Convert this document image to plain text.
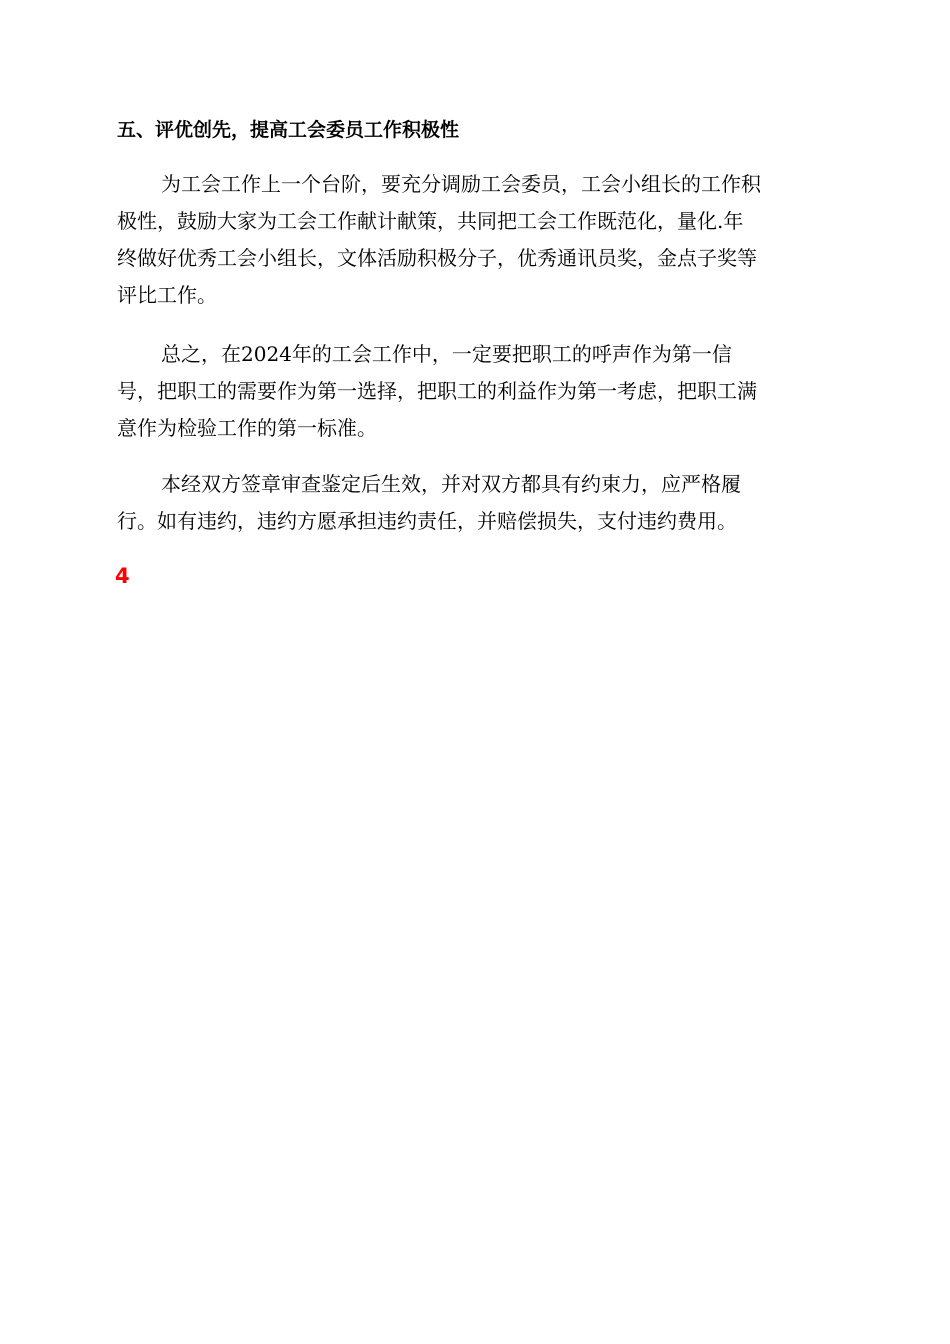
五、评优创先，提高工会委员工作积极性
为工会工作上一个台阶，要充分调励工会委员，工会小组长的工作积
极性，鼓励大家为工会工作献计献策，共同把工会工作既范化，量化.年
终做好优秀工会小组长，文体活励积极分子，优秀通讯员奖，金点子奖等
评比工作。
总之，在2024年的工会工作中，一定要把职工的呼声作为第一信
号，把职工的需要作为第一选择，把职工的利益作为第一考虑，把职工满
意作为检验工作的第一标准。
本经双方签章审查鉴定后生效，并对双方都具有约束力，应严格履
行。如有违约，违约方愿承担违约责任，并赔偿损失，支付违约费用。
4
